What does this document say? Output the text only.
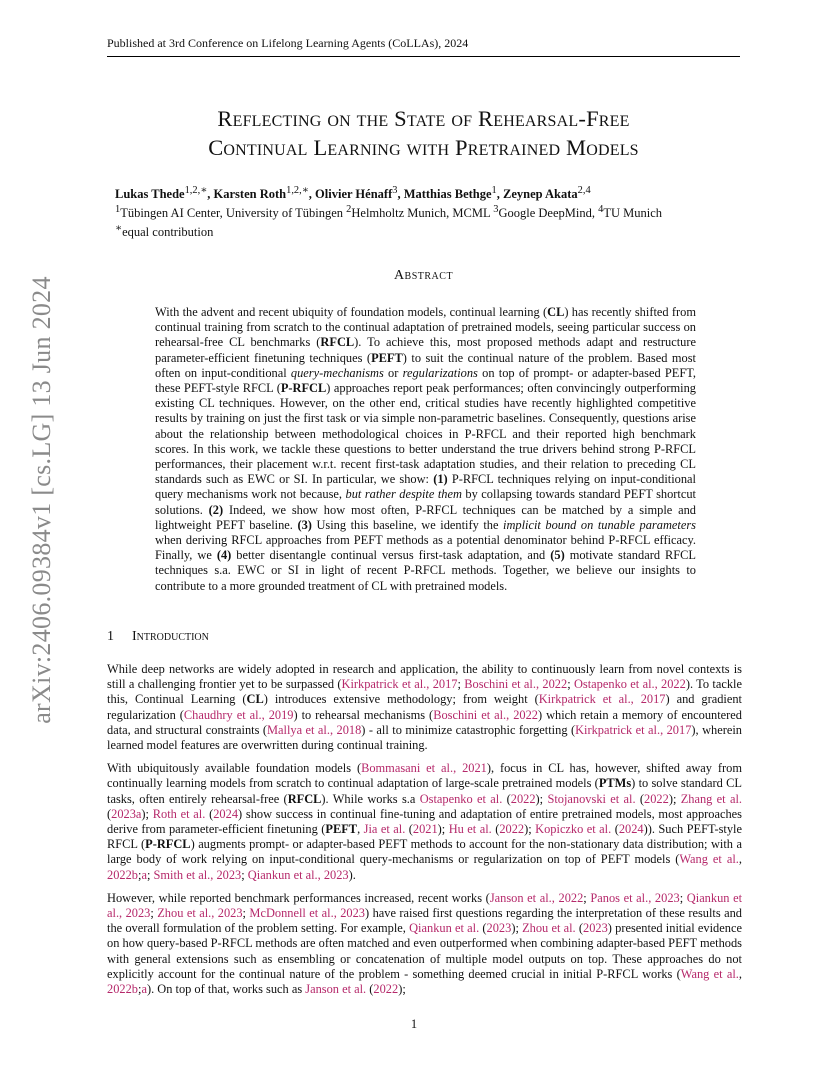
Published at 3rd Conference on Lifelong Learning Agents (CoLLAs), 2024
arXiv:2406.09384v1 [cs.LG] 13 Jun 2024
Reflecting on the State of Rehearsal-Free
Continual Learning with Pretrained Models
Lukas Thede$^{1,2,∗}$, Karsten Roth$^{1,2,∗}$, Olivier Hénaff$^3$, Matthias Bethge$^1$, Zeynep Akata$^{2,4}$
$^1$Tübingen AI Center, University of Tübingen $^2$Helmholtz Munich, MCML $^3$Google DeepMind, $^4$TU Munich
∗equal contribution
Abstract
With the advent and recent ubiquity of foundation models, continual learning (CL) has recently shifted from continual training from scratch to the continual adaptation of pretrained models, seeing particular success on rehearsal-free CL benchmarks (RFCL). To achieve this, most proposed methods adapt and restructure parameter-efficient finetuning techniques (PEFT) to suit the continual nature of the problem. Based most often on input-conditional query-mechanisms or regularizations on top of prompt- or adapter-based PEFT, these PEFT-style RFCL (P-RFCL) approaches report peak performances; often convincingly outperforming existing CL techniques. However, on the other end, critical studies have recently highlighted competitive results by training on just the first task or via simple non-parametric baselines. Consequently, questions arise about the relationship between methodological choices in P-RFCL and their reported high benchmark scores. In this work, we tackle these questions to better understand the true drivers behind strong P-RFCL performances, their placement w.r.t. recent first-task adaptation studies, and their relation to preceding CL standards such as EWC or SI. In particular, we show: (1) P-RFCL techniques relying on input-conditional query mechanisms work not because, but rather despite them by collapsing towards standard PEFT shortcut solutions. (2) Indeed, we show how most often, P-RFCL techniques can be matched by a simple and lightweight PEFT baseline. (3) Using this baseline, we identify the implicit bound on tunable parameters when deriving RFCL approaches from PEFT methods as a potential denominator behind P-RFCL efficacy. Finally, we (4) better disentangle continual versus first-task adaptation, and (5) motivate standard RFCL techniques s.a. EWC or SI in light of recent P-RFCL methods. Together, we believe our insights to contribute to a more grounded treatment of CL with pretrained models.
1 Introduction

While deep networks are widely adopted in research and application, the ability to continuously learn from novel contexts is still a challenging frontier yet to be surpassed (Kirkpatrick et al., 2017; Boschini et al., 2022; Ostapenko et al., 2022). To tackle this, Continual Learning (CL) introduces extensive methodology; from weight (Kirkpatrick et al., 2017) and gradient regularization (Chaudhry et al., 2019) to rehearsal mechanisms (Boschini et al., 2022) which retain a memory of encountered data, and structural constraints (Mallya et al., 2018) - all to minimize catastrophic forgetting (Kirkpatrick et al., 2017), wherein learned model features are overwritten during continual training.

With ubiquitously available foundation models (Bommasani et al., 2021), focus in CL has, however, shifted away from continually learning models from scratch to continual adaptation of large-scale pretrained models (PTMs) to solve standard CL tasks, often entirely rehearsal-free (RFCL). While works s.a Ostapenko et al. (2022); Stojanovski et al. (2022); Zhang et al. (2023a); Roth et al. (2024) show success in continual fine-tuning and adaptation of entire pretrained models, most approaches derive from parameter-efficient finetuning (PEFT, Jia et al. (2021); Hu et al. (2022); Kopiczko et al. (2024)). Such PEFT-style RFCL (P-RFCL) augments prompt- or adapter-based PEFT methods to account for the non-stationary data distribution; with a large body of work relying on input-conditional query-mechanisms or regularization on top of PEFT models (Wang et al., 2022b;a; Smith et al., 2023; Qiankun et al., 2023).

However, while reported benchmark performances increased, recent works (Janson et al., 2022; Panos et al., 2023; Qiankun et al., 2023; Zhou et al., 2023; McDonnell et al., 2023) have raised first questions regarding the interpretation of these results and the overall formulation of the problem setting. For example, Qiankun et al. (2023); Zhou et al. (2023) presented initial evidence on how query-based P-RFCL methods are often matched and even outperformed when combining adapter-based PEFT methods with general extensions such as ensembling or concatenation of multiple model outputs on top. These approaches do not explicitly account for the continual nature of the problem - something deemed crucial in initial P-RFCL works (Wang et al., 2022b;a). On top of that, works such as Janson et al. (2022);

1
